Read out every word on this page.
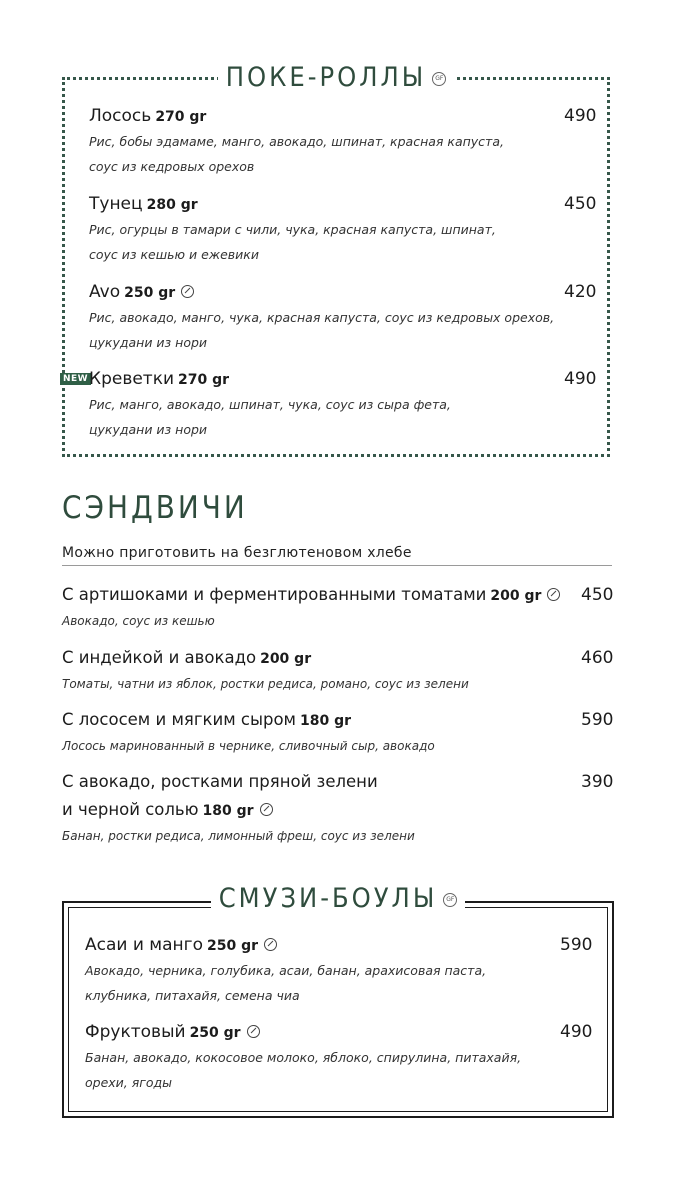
ПОКЕ-РОЛЛЫ GF
Лосось 270 gr
Рис, бобы эдамаме, манго, авокадо, шпинат, красная капуста,
соус из кедровых орехов
490
Тунец 280 gr
Рис, огурцы в тамари с чили, чука, красная капуста, шпинат,
соус из кешью и ежевики
450
Avo 250 gr
Рис, авокадо, манго, чука, красная капуста, соус из кедровых орехов,
цукудани из нори
420
NEW Креветки 270 gr
Рис, манго, авокадо, шпинат, чука, соус из сыра фета,
цукудани из нори
490
СЭНДВИЧИ
Можно приготовить на безглютеновом хлебе
С артишоками и ферментированными томатами 200 gr
Авокадо, соус из кешью
450
С индейкой и авокадо 200 gr
Томаты, чатни из яблок, ростки редиса, романо, соус из зелени
460
С лососем и мягким сыром 180 gr
Лосось маринованный в чернике, сливочный сыр, авокадо
590
С авокадо, ростками пряной зелени
и черной солью 180 gr
Банан, ростки редиса, лимонный фреш, соус из зелени
390
СМУЗИ-БОУЛЫ GF
Асаи и манго 250 gr
Авокадо, черника, голубика, асаи, банан, арахисовая паста,
клубника, питахайя, семена чиа
590
Фруктовый 250 gr
Банан, авокадо, кокосовое молоко, яблоко, спирулина, питахайя,
орехи, ягоды
490
